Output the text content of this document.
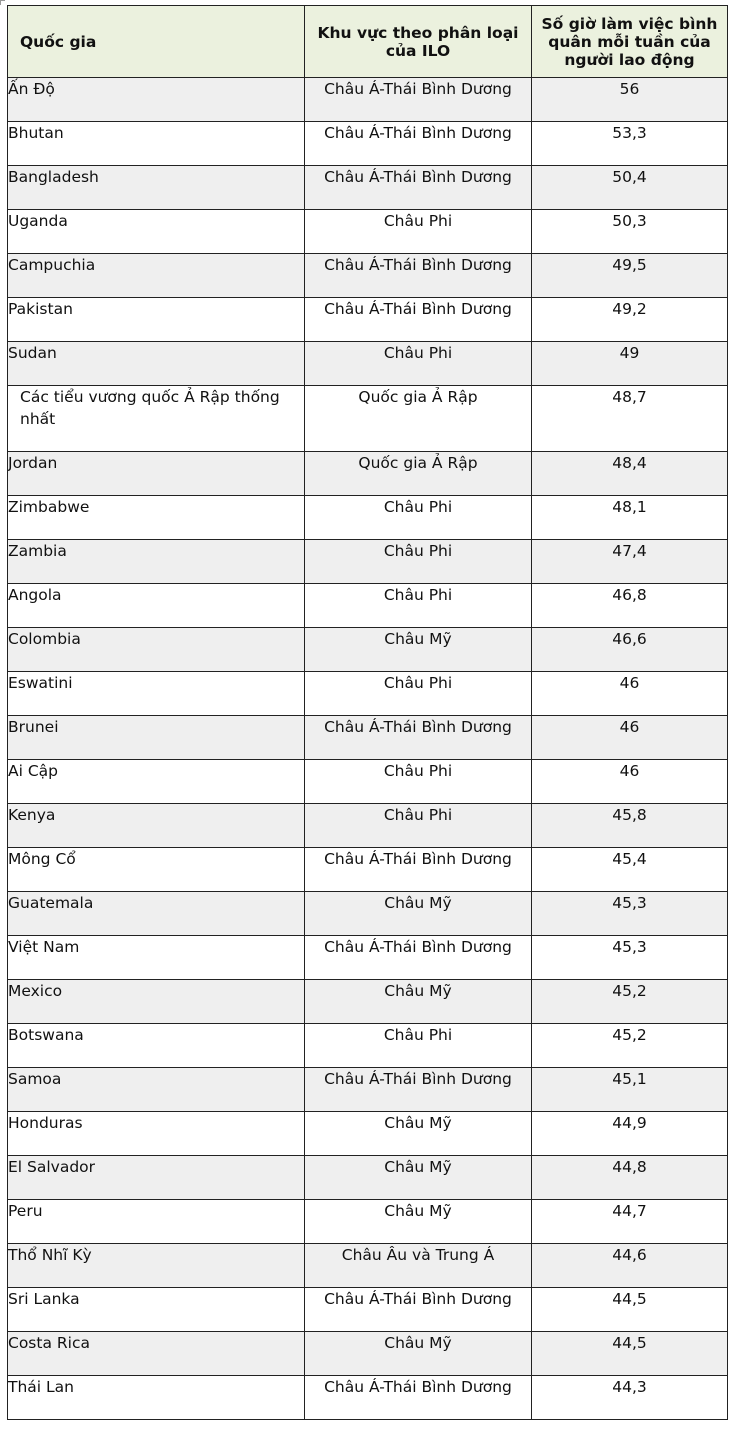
Quốc gia	Khu vực theo phân loại của ILO	Số giờ làm việc bình quân mỗi tuần của người lao động
Ấn Độ	Châu Á-Thái Bình Dương	56
Bhutan	Châu Á-Thái Bình Dương	53,3
Bangladesh	Châu Á-Thái Bình Dương	50,4
Uganda	Châu Phi	50,3
Campuchia	Châu Á-Thái Bình Dương	49,5
Pakistan	Châu Á-Thái Bình Dương	49,2
Sudan	Châu Phi	49
Các tiểu vương quốc Ả Rập thống nhất	Quốc gia Ả Rập	48,7
Jordan	Quốc gia Ả Rập	48,4
Zimbabwe	Châu Phi	48,1
Zambia	Châu Phi	47,4
Angola	Châu Phi	46,8
Colombia	Châu Mỹ	46,6
Eswatini	Châu Phi	46
Brunei	Châu Á-Thái Bình Dương	46
Ai Cập	Châu Phi	46
Kenya	Châu Phi	45,8
Mông Cổ	Châu Á-Thái Bình Dương	45,4
Guatemala	Châu Mỹ	45,3
Việt Nam	Châu Á-Thái Bình Dương	45,3
Mexico	Châu Mỹ	45,2
Botswana	Châu Phi	45,2
Samoa	Châu Á-Thái Bình Dương	45,1
Honduras	Châu Mỹ	44,9
El Salvador	Châu Mỹ	44,8
Peru	Châu Mỹ	44,7
Thổ Nhĩ Kỳ	Châu Âu và Trung Á	44,6
Sri Lanka	Châu Á-Thái Bình Dương	44,5
Costa Rica	Châu Mỹ	44,5
Thái Lan	Châu Á-Thái Bình Dương	44,3
